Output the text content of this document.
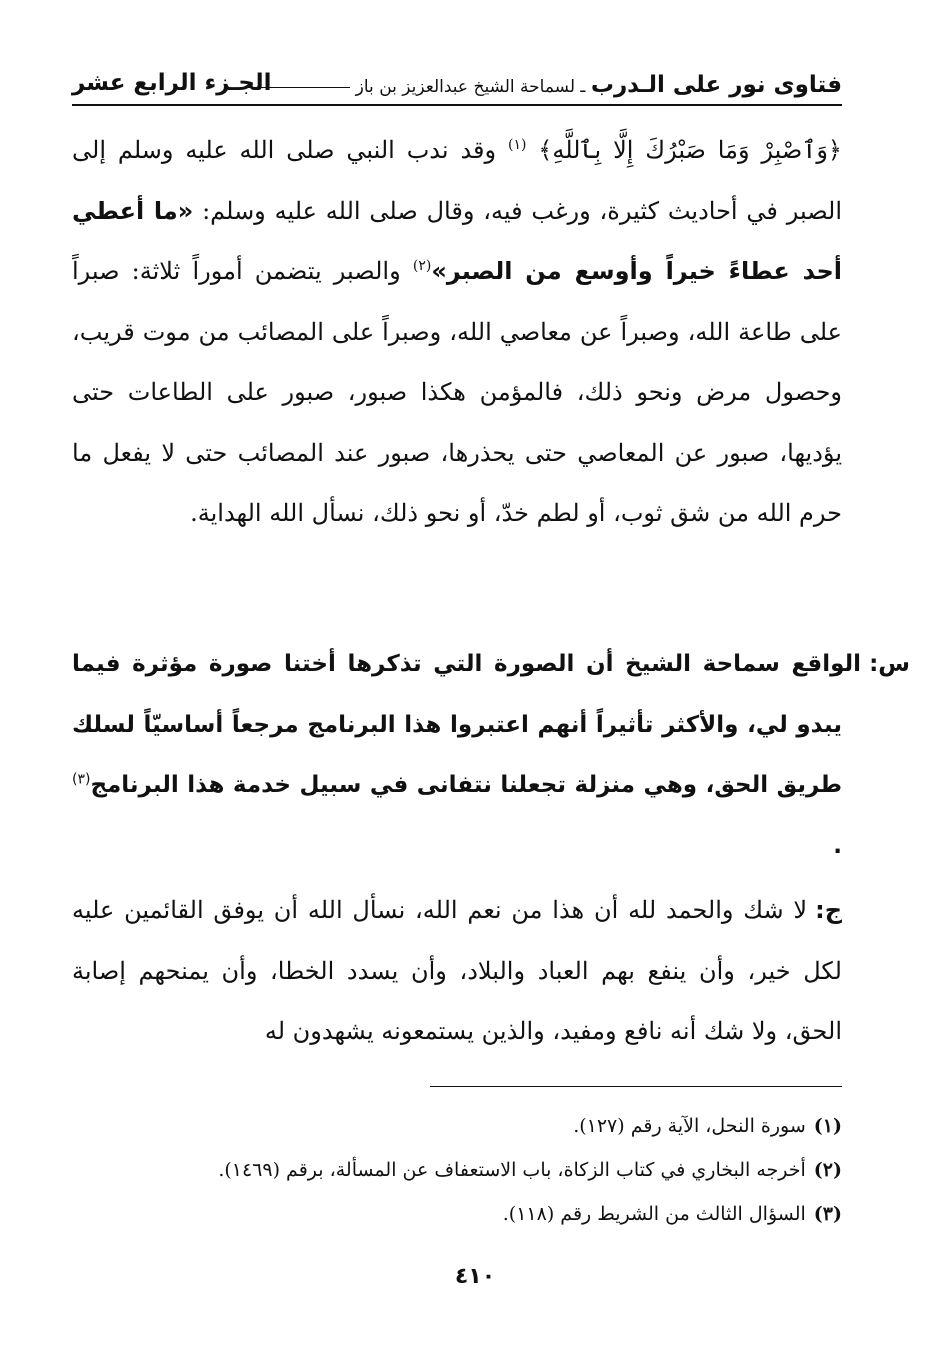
فتاوى نور على الـدرب ـ لسماحة الشيخ عبدالعزيز بن باز
الجـزء الرابع عشر
﴿وَٱصْبِرْ وَمَا صَبْرُكَ إِلَّا بِٱللَّهِ﴾ $^{(١)}$ وقد ندب النبي صلى الله عليه وسلم إلى الصبر في أحاديث كثيرة، ورغب فيه، وقال صلى الله عليه وسلم: «ما أعطي أحد عطاءً خيراً وأوسع من الصبر»$^{(٢)}$ والصبر يتضمن أموراً ثلاثة: صبراً على طاعة الله، وصبراً عن معاصي الله، وصبراً على المصائب من موت قريب، وحصول مرض ونحو ذلك، فالمؤمن هكذا صبور، صبور على الطاعات حتى يؤديها، صبور عن المعاصي حتى يحذرها، صبور عند المصائب حتى لا يفعل ما حرم الله من شق ثوب، أو لطم خدّ، أو نحو ذلك، نسأل الله الهداية.
س:الواقع سماحة الشيخ أن الصورة التي تذكرها أختنا صورة مؤثرة فيما يبدو لي، والأكثر تأثيراً أنهم اعتبروا هذا البرنامج مرجعاً أساسيّاً لسلك طريق الحق، وهي منزلة تجعلنا نتفانى في سبيل خدمة هذا البرنامج$^{(٣)}$ .
ج:لا شك والحمد لله أن هذا من نعم الله، نسأل الله أن يوفق القائمين عليه لكل خير، وأن ينفع بهم العباد والبلاد، وأن يسدد الخطا، وأن يمنحهم إصابة الحق، ولا شك أنه نافع ومفيد، والذين يستمعونه يشهدون له
(١)سورة النحل، الآية رقم (١٢٧).
(٢)أخرجه البخاري في كتاب الزكاة، باب الاستعفاف عن المسألة، برقم (١٤٦٩).
(٣)السؤال الثالث من الشريط رقم (١١٨).
٤١٠
